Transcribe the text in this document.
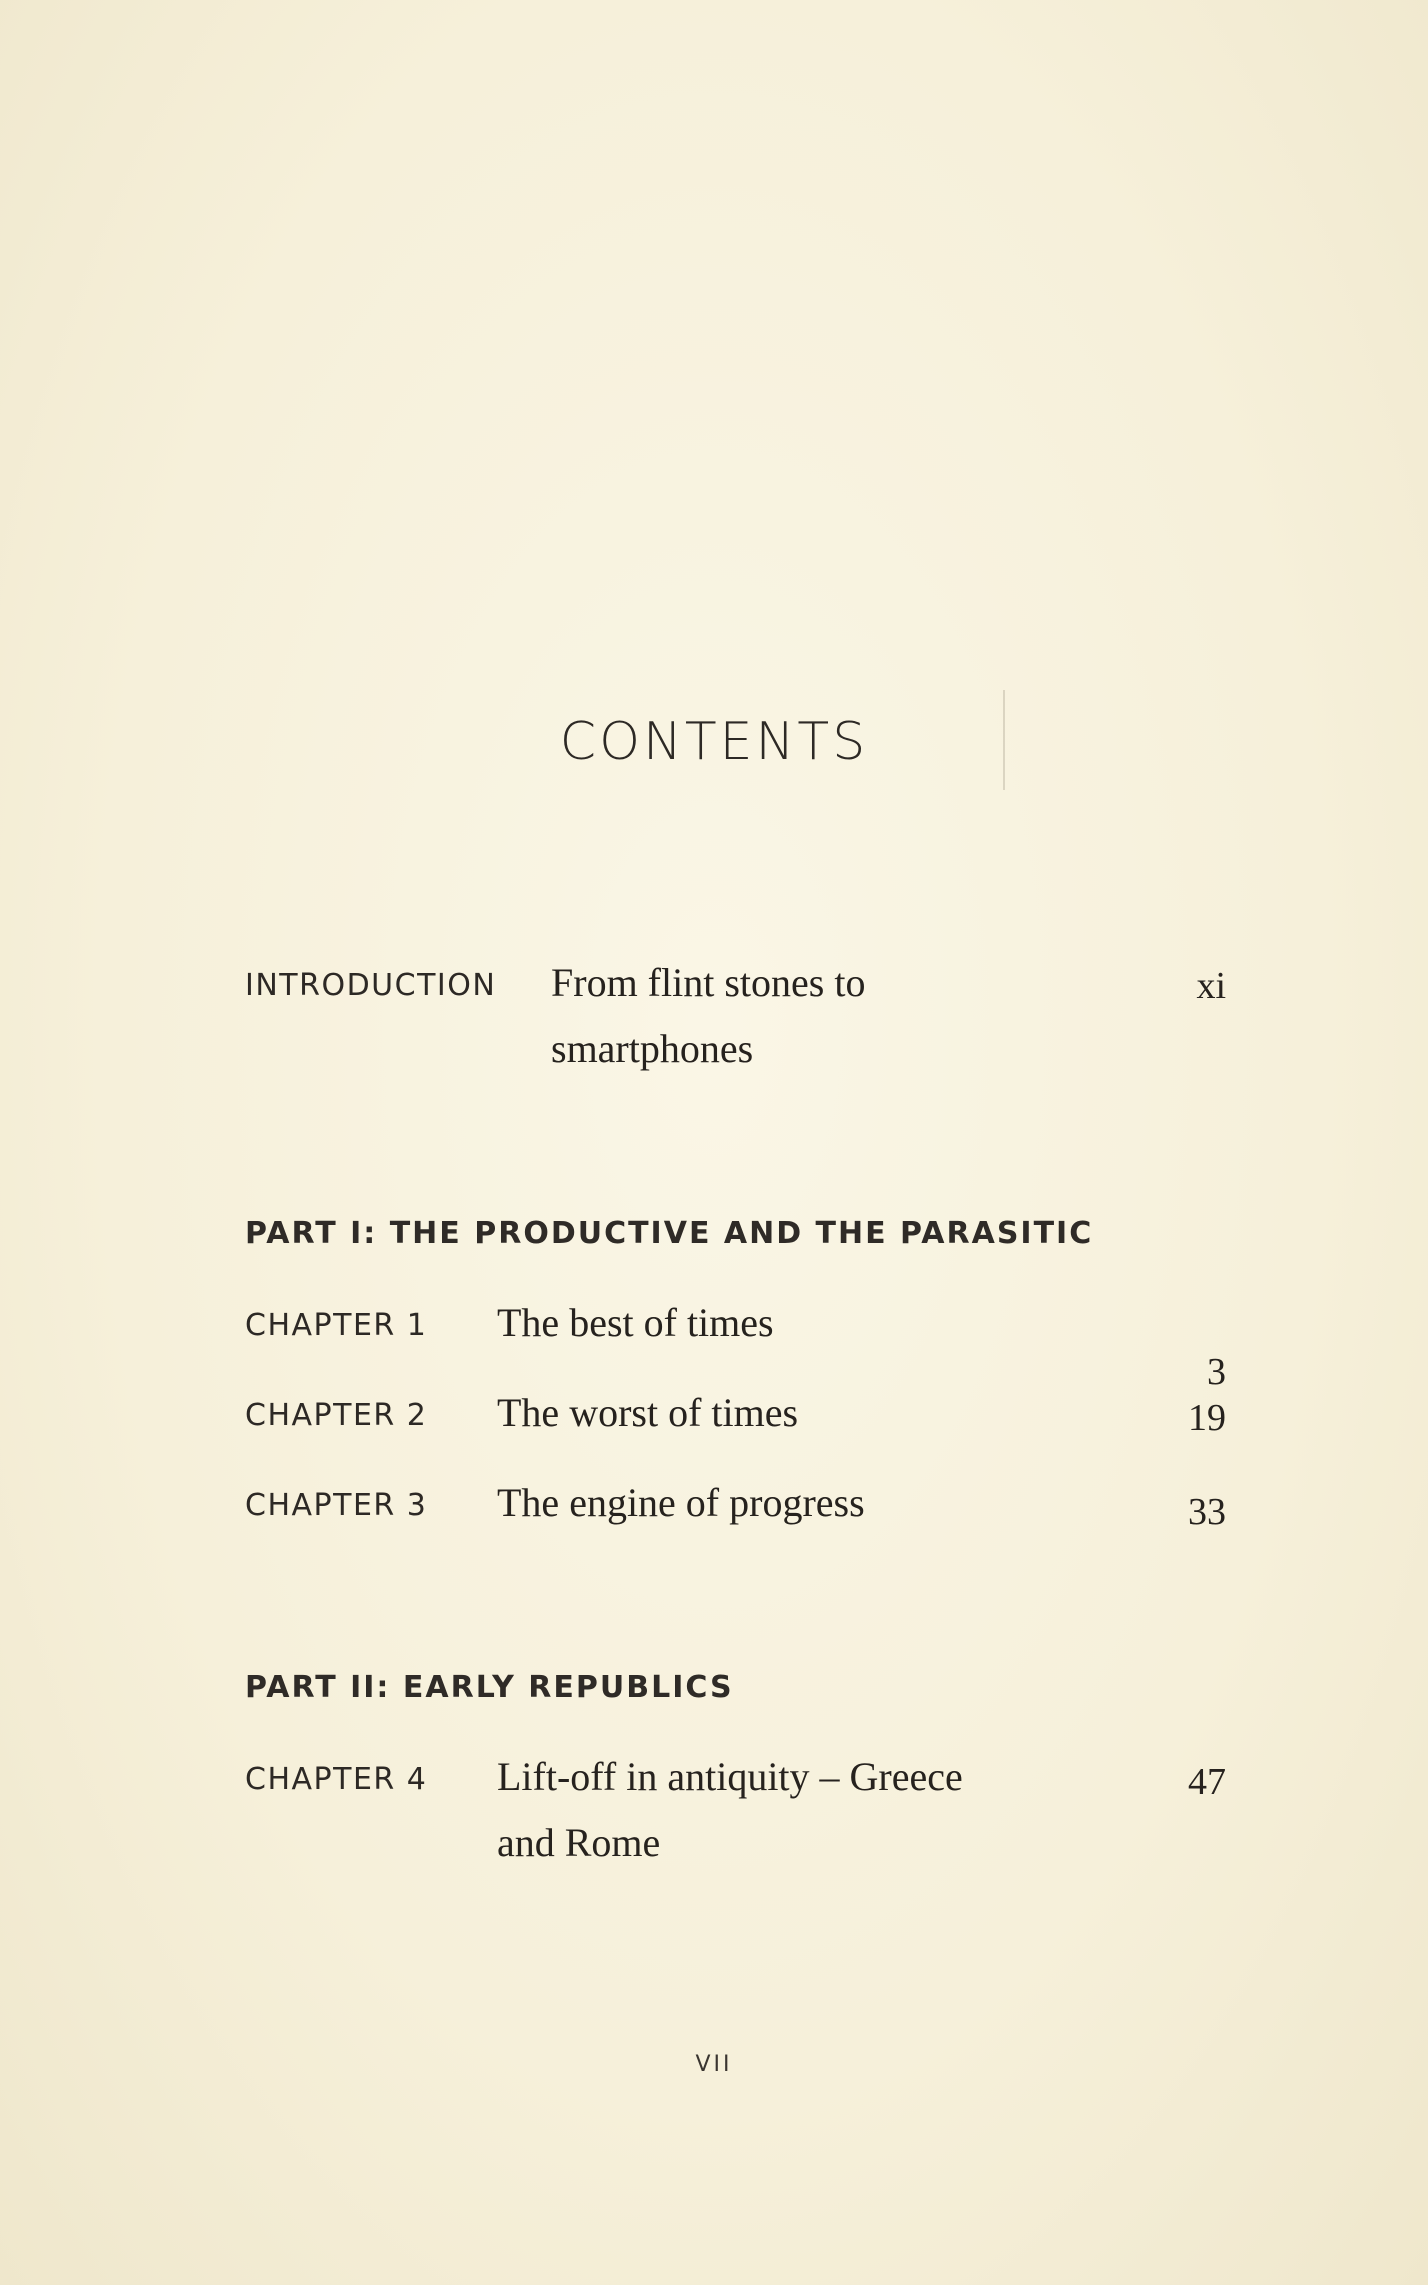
CONTENTS
INTRODUCTION From flint stones to
smartphones
xi
PART I: THE PRODUCTIVE AND THE PARASITIC
CHAPTER 1 The best of times
3
CHAPTER 2 The worst of times	19
CHAPTER 3 The engine of progress	33
PART II: EARLY REPUBLICS
CHAPTER 4 Lift-off in antiquity – Greece
and Rome
47
VII
